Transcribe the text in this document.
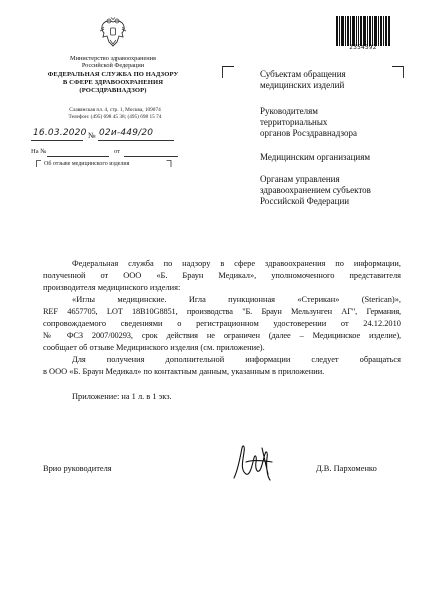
Министерство здравоохранения
Российской Федерации
ФЕДЕРАЛЬНАЯ СЛУЖБА ПО НАДЗОРУ
В СФЕРЕ ЗДРАВООХРАНЕНИЯ
(РОСЗДРАВНАДЗОР)
Славянская пл. 4, стр. 1, Москва, 109074
Телефон: (495) 698 45 38; (495) 698 15 74
16.03.2020 № 02и-449/20
На №	от
Об отзыве медицинского изделия
2354592
Субъектам обращения
медицинских изделий
Руководителям
территориальных
органов Росздравнадзора
Медицинским организациям
Органам управления
здравоохранением субъектов
Российской Федерации
Федеральная служба по надзору в сфере здравоохранения по информации,
полученной от ООО «Б. Браун Медикал», уполномоченного представителя
производителя медицинского изделия:
«Иглы медицинские. Игла пункционная «Стерикан» (Sterican)»,
REF 4657705, LOT 18B10G8851, производства "Б. Браун Мельзунген АГ", Германия,
сопровождаемого сведениями о регистрационном удостоверении от 24.12.2010
№ ФСЗ 2007/00293, срок действия не ограничен (далее – Медицинское изделие),
сообщает об отзыве Медицинского изделия (см. приложение).
Для получения дополнительной информации следует обращаться
в ООО «Б. Браун Медикал» по контактным данным, указанным в приложении.
Приложение: на 1 л. в 1 экз.
Врио руководителя	Д.В. Пархоменко
